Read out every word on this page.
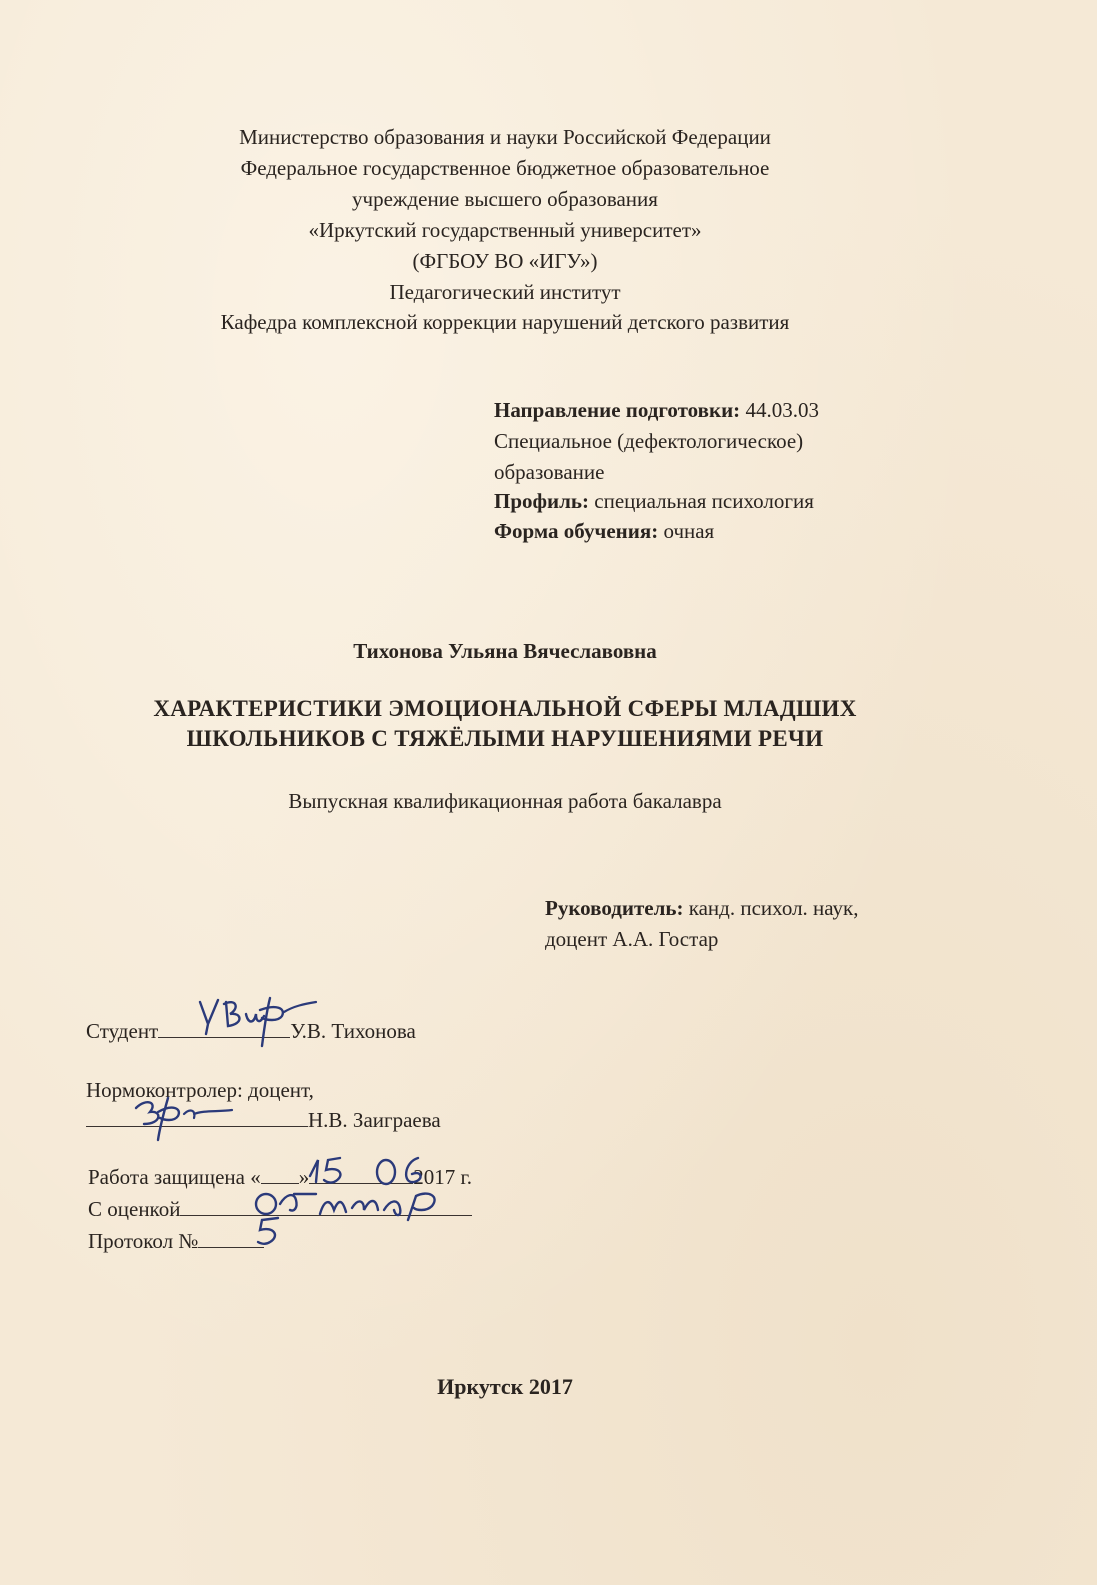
Министерство образования и науки Российской Федерации
Федеральное государственное бюджетное образовательное
учреждение высшего образования
«Иркутский государственный университет»
(ФГБОУ ВО «ИГУ»)
Педагогический институт
Кафедра комплексной коррекции нарушений детского развития
Направление подготовки: 44.03.03
Специальное (дефектологическое)
образование
Профиль: специальная психология
Форма обучения: очная
Тихонова Ульяна Вячеславовна
ХАРАКТЕРИСТИКИ ЭМОЦИОНАЛЬНОЙ СФЕРЫ МЛАДШИХ
ШКОЛЬНИКОВ С ТЯЖЁЛЫМИ НАРУШЕНИЯМИ РЕЧИ
Выпускная квалификационная работа бакалавра
Руководитель: канд. психол. наук,
доцент А.А. Гостар
Студент	У.В. Тихонова
Нормоконтролер: доцент,
Н.В. Заиграева
Работа защищена « »	2017 г.
С оценкой
Протокол №
Иркутск 2017
